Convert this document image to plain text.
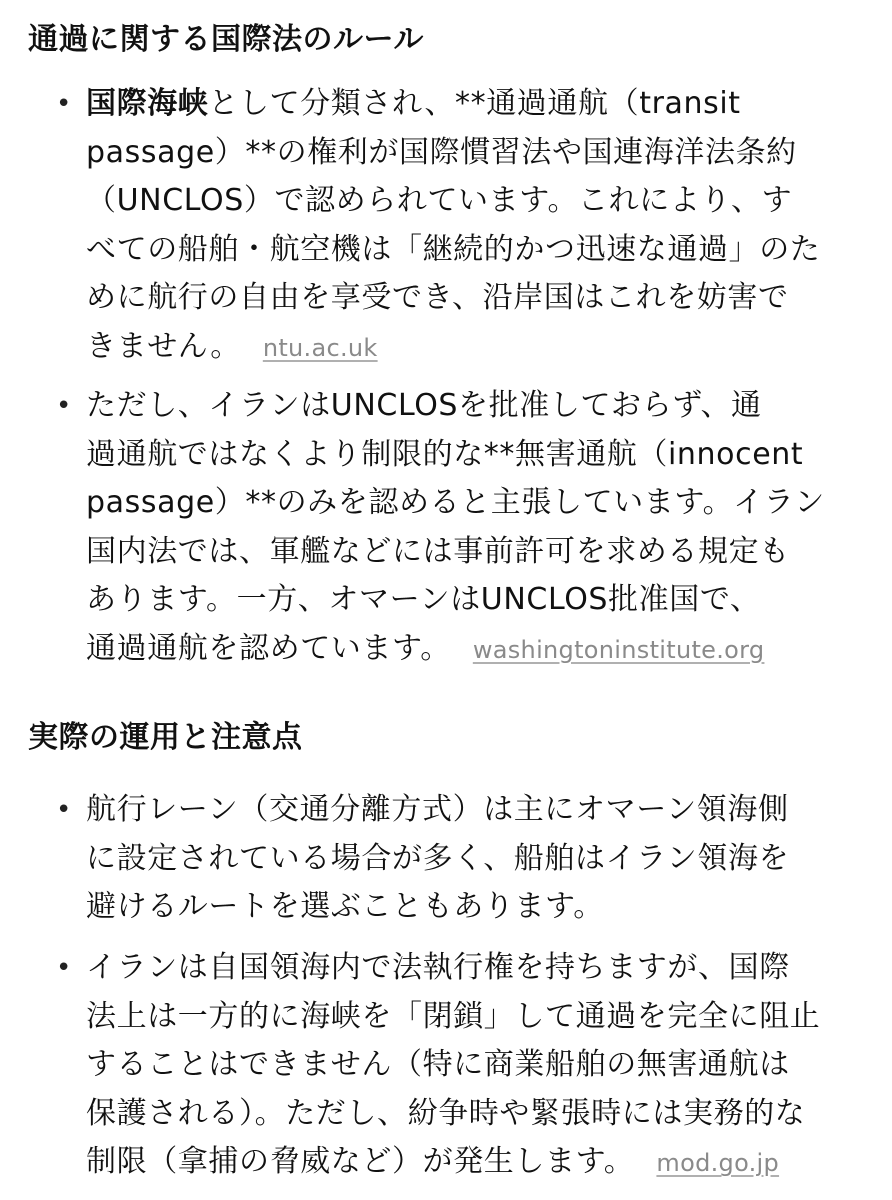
通過に関する国際法のルール
• 国際海峡として分類され、**通過通航（transit
passage）**の権利が国際慣習法や国連海洋法条約
（UNCLOS）で認められています。これにより、す
べての船舶・航空機は「継続的かつ迅速な通過」のた
めに航行の自由を享受でき、沿岸国はこれを妨害で
きません。 ntu.ac.uk
• ただし、イランはUNCLOSを批准しておらず、通
過通航ではなくより制限的な**無害通航（innocent
passage）**のみを認めると主張しています。イラン
国内法では、軍艦などには事前許可を求める規定も
あります。一方、オマーンはUNCLOS批准国で、
通過通航を認めています。 washingtoninstitute.org
実際の運用と注意点
• 航行レーン（交通分離方式）は主にオマーン領海側
に設定されている場合が多く、船舶はイラン領海を
避けるルートを選ぶこともあります。
• イランは自国領海内で法執行権を持ちますが、国際
法上は一方的に海峡を「閉鎖」して通過を完全に阻止
することはできません（特に商業船舶の無害通航は
保護される）。ただし、紛争時や緊張時には実務的な
制限（拿捕の脅威など）が発生します。 mod.go.jp
